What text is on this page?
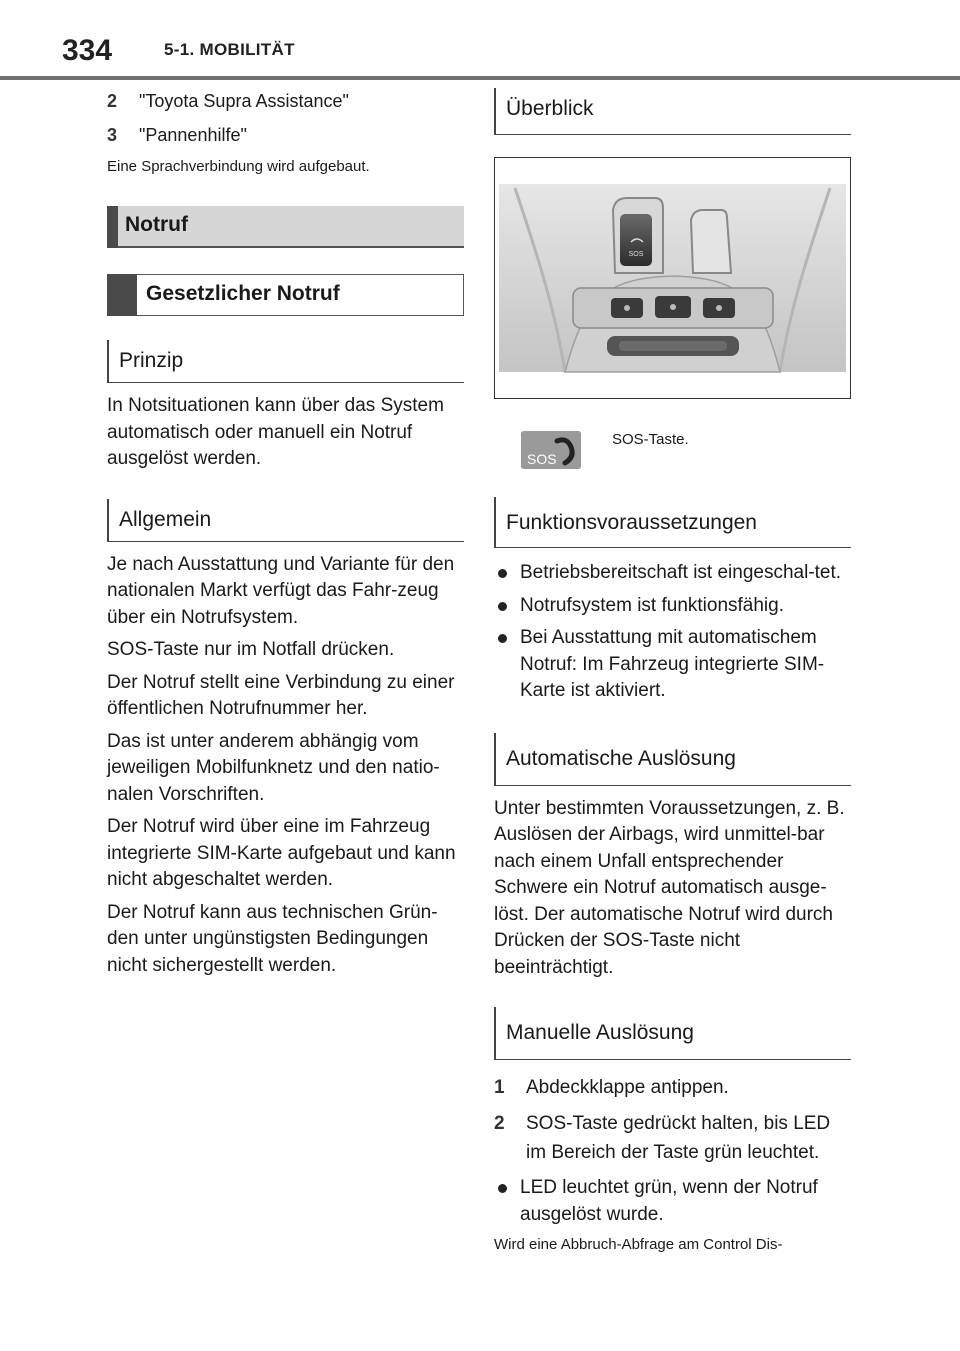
334	5-1. MOBILITÄT
2 "Toyota Supra Assistance"
3 "Pannenhilfe"

Eine Sprachverbindung wird aufgebaut.

Notruf
Gesetzlicher Notruf
Prinzip

In Notsituationen kann über das System automatisch oder manuell ein Notruf ausgelöst werden.

Allgemein

Je nach Ausstattung und Variante für den nationalen Markt verfügt das Fahr-zeug über ein Notrufsystem.

SOS-Taste nur im Notfall drücken.

Der Notruf stellt eine Verbindung zu einer öffentlichen Notrufnummer her.

Das ist unter anderem abhängig vom jeweiligen Mobilfunknetz und den natio-nalen Vorschriften.

Der Notruf wird über eine im Fahrzeug integrierte SIM-Karte aufgebaut und kann nicht abgeschaltet werden.

Der Notruf kann aus technischen Grün-den unter ungünstigsten Bedingungen nicht sichergestellt werden.

Überblick
SOS
SOS
SOS-Taste.
Funktionsvoraussetzungen
Betriebsbereitschaft ist eingeschal-tet.
Notrufsystem ist funktionsfähig.
Bei Ausstattung mit automatischem Notruf: Im Fahrzeug integrierte SIM-Karte ist aktiviert.
Automatische Auslösung

Unter bestimmten Voraussetzungen, z. B. Auslösen der Airbags, wird unmittel-bar nach einem Unfall entsprechender Schwere ein Notruf automatisch ausge-löst. Der automatische Notruf wird durch Drücken der SOS-Taste nicht beeinträchtigt.

Manuelle Auslösung
1 Abdeckklappe antippen.
2 SOS-Taste gedrückt halten, bis LED im Bereich der Taste grün leuchtet.
LED leuchtet grün, wenn der Notruf ausgelöst wurde.

Wird eine Abbruch-Abfrage am Control Dis-
